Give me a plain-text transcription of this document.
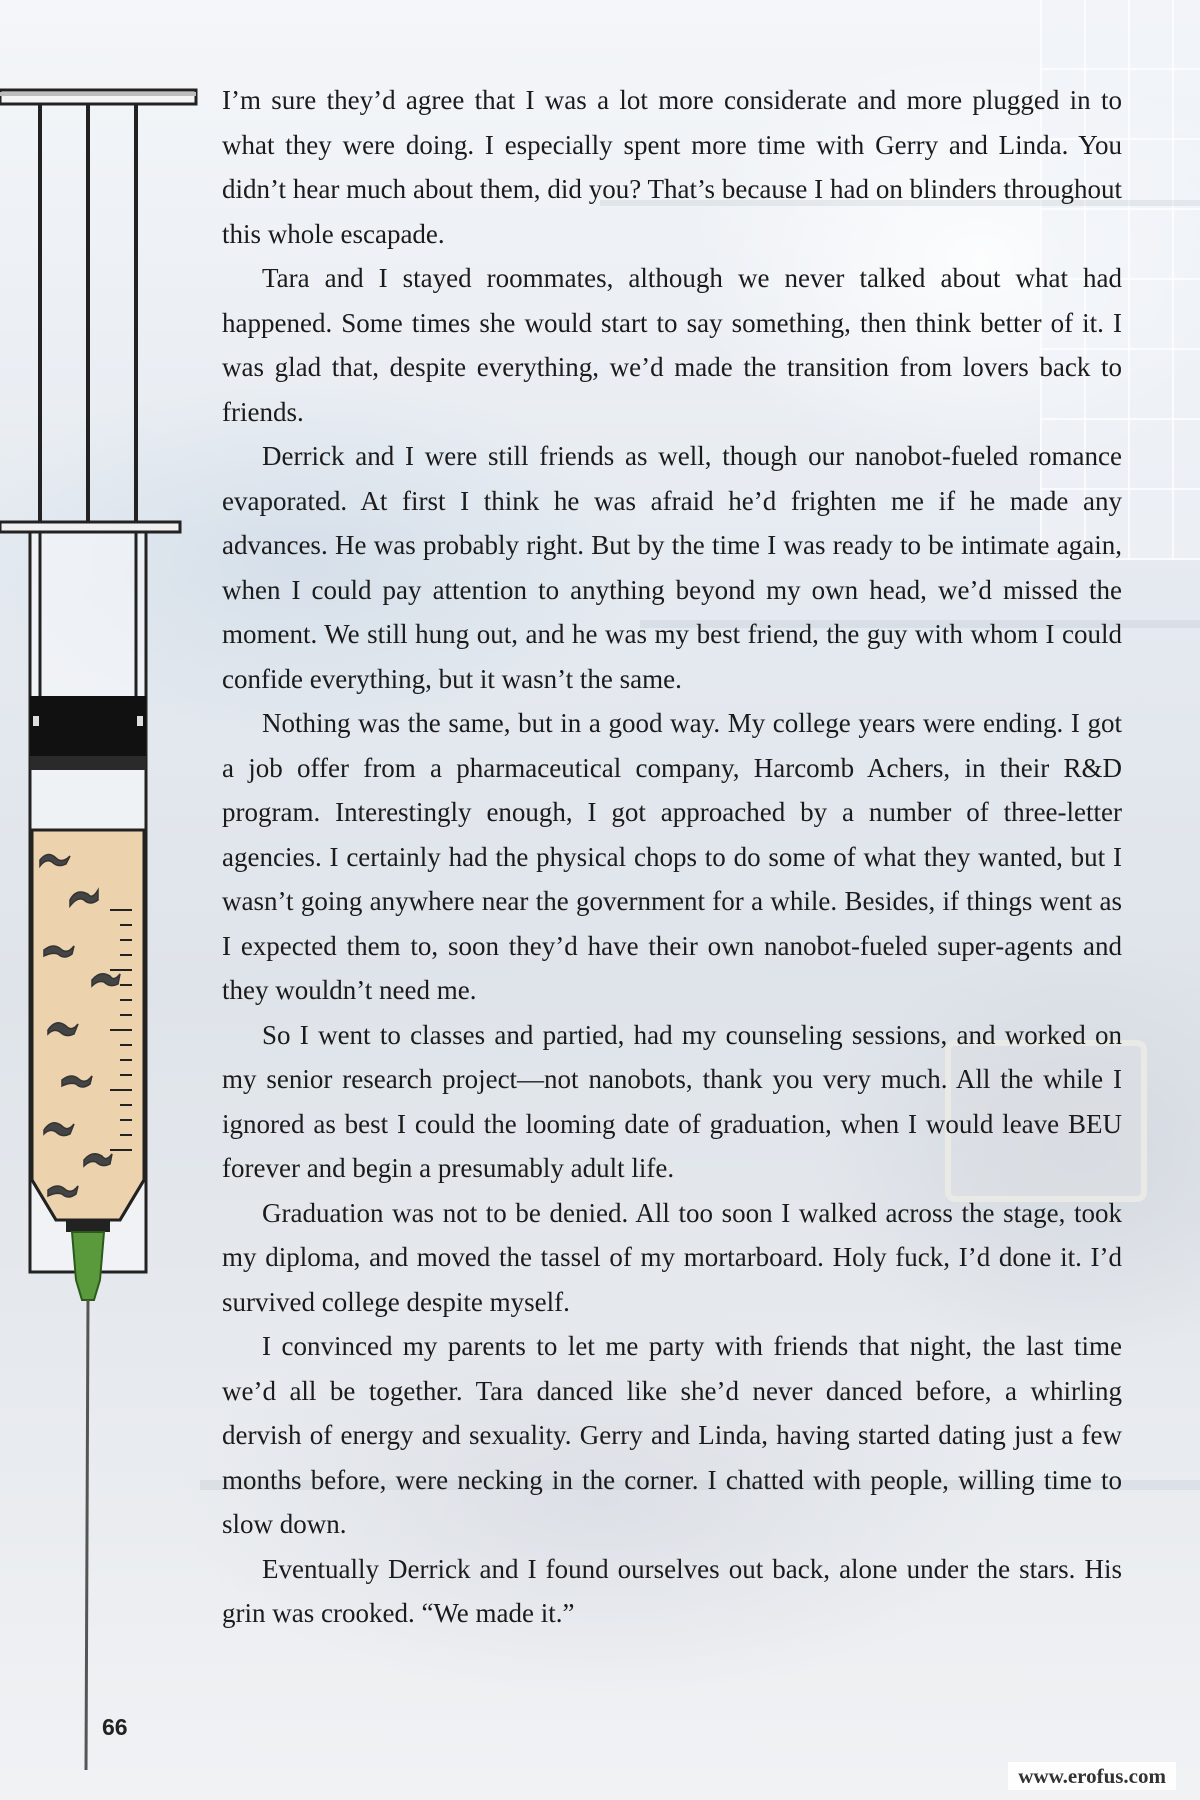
I’m sure they’d agree that I was a lot more considerate and more plugged in to what they were doing. I especially spent more time with Gerry and Linda. You didn’t hear much about them, did you? That’s because I had on blinders throughout this whole escapade.

Tara and I stayed roommates, although we never talked about what had happened. Some times she would start to say something, then think better of it. I was glad that, despite everything, we’d made the transition from lovers back to friends.

Derrick and I were still friends as well, though our nanobot-fueled romance evaporated. At first I think he was afraid he’d frighten me if he made any advances. He was probably right. But by the time I was ready to be intimate again, when I could pay attention to anything beyond my own head, we’d missed the moment. We still hung out, and he was my best friend, the guy with whom I could confide everything, but it wasn’t the same.

Nothing was the same, but in a good way. My college years were ending. I got a job offer from a pharmaceutical company, Harcomb Achers, in their R&D program. Interestingly enough, I got approached by a number of three-letter agencies. I certainly had the physical chops to do some of what they wanted, but I wasn’t going anywhere near the government for a while. Besides, if things went as I expected them to, soon they’d have their own nanobot-fueled super-agents and they wouldn’t need me.

So I went to classes and partied, had my counseling sessions, and worked on my senior research project—not nanobots, thank you very much. All the while I ignored as best I could the looming date of graduation, when I would leave BEU forever and begin a presumably adult life.

Graduation was not to be denied. All too soon I walked across the stage, took my diploma, and moved the tassel of my mortarboard. Holy fuck, I’d done it. I’d survived college despite myself.

I convinced my parents to let me party with friends that night, the last time we’d all be together. Tara danced like she’d never danced before, a whirling dervish of energy and sexuality. Gerry and Linda, having started dating just a few months before, were necking in the corner. I chatted with people, willing time to slow down.

Eventually Derrick and I found ourselves out back, alone under the stars. His grin was crooked. “We made it.”

66
www.erofus.com
